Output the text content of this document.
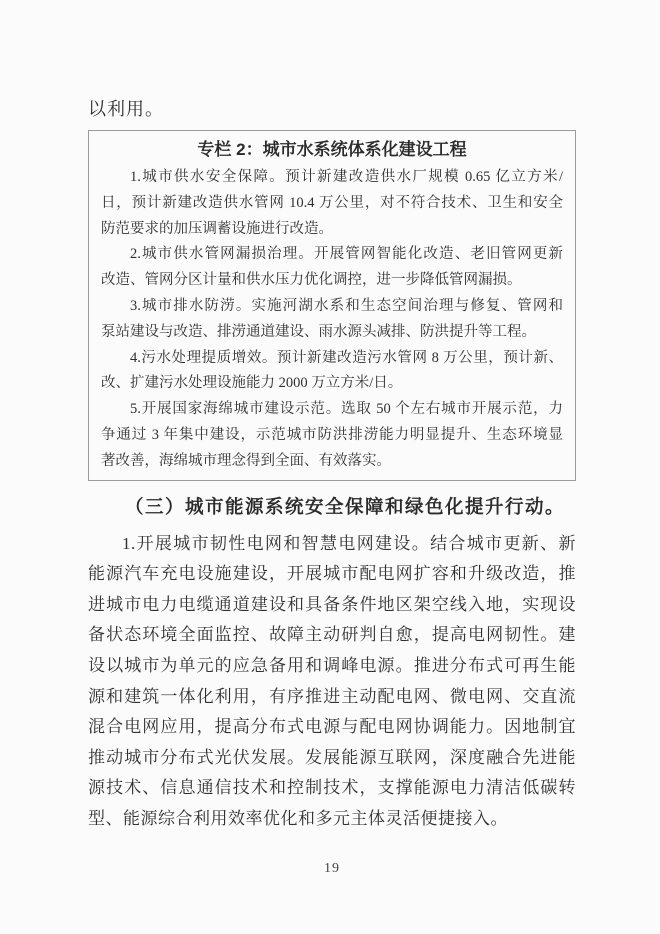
以利用。
专栏 2：城市水系统体系化建设工程
1.城市供水安全保障。预计新建改造供水厂规模 0.65 亿立方米/
日，预计新建改造供水管网 10.4 万公里，对不符合技术、卫生和安全
防范要求的加压调蓄设施进行改造。
2.城市供水管网漏损治理。开展管网智能化改造、老旧管网更新
改造、管网分区计量和供水压力优化调控，进一步降低管网漏损。
3.城市排水防涝。实施河湖水系和生态空间治理与修复、管网和
泵站建设与改造、排涝通道建设、雨水源头减排、防洪提升等工程。
4.污水处理提质增效。预计新建改造污水管网 8 万公里，预计新、
改、扩建污水处理设施能力 2000 万立方米/日。
5.开展国家海绵城市建设示范。选取 50 个左右城市开展示范，力
争通过 3 年集中建设，示范城市防洪排涝能力明显提升、生态环境显
著改善，海绵城市理念得到全面、有效落实。
（三）城市能源系统安全保障和绿色化提升行动。
1.开展城市韧性电网和智慧电网建设。结合城市更新、新
能源汽车充电设施建设，开展城市配电网扩容和升级改造，推
进城市电力电缆通道建设和具备条件地区架空线入地，实现设
备状态环境全面监控、故障主动研判自愈，提高电网韧性。建
设以城市为单元的应急备用和调峰电源。推进分布式可再生能
源和建筑一体化利用，有序推进主动配电网、微电网、交直流
混合电网应用，提高分布式电源与配电网协调能力。因地制宜
推动城市分布式光伏发展。发展能源互联网，深度融合先进能
源技术、信息通信技术和控制技术，支撑能源电力清洁低碳转
型、能源综合利用效率优化和多元主体灵活便捷接入。
19
